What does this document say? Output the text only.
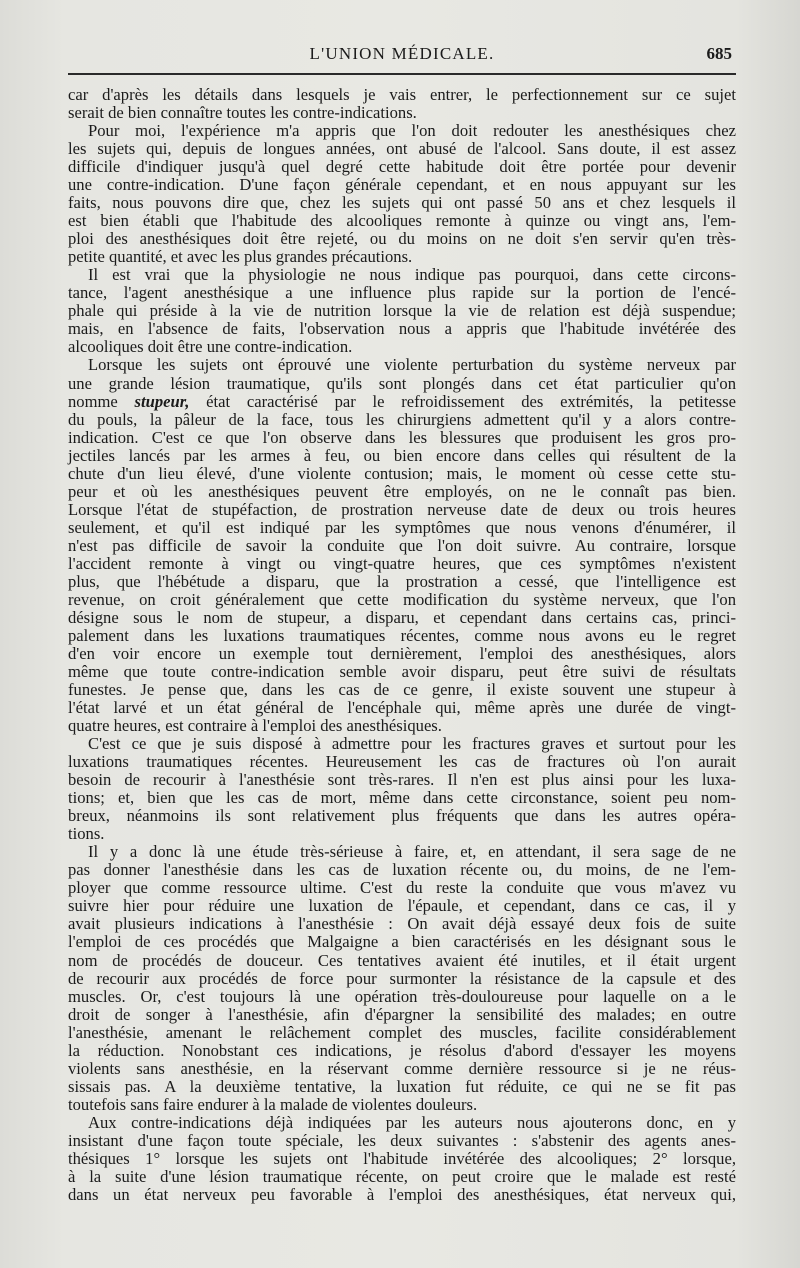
L'UNION MÉDICALE.	685
car d'après les détails dans lesquels je vais entrer, le perfectionnement sur ce sujet
serait de bien connaître toutes les contre-indications.
Pour moi, l'expérience m'a appris que l'on doit redouter les anesthésiques chez
les sujets qui, depuis de longues années, ont abusé de l'alcool. Sans doute, il est assez
difficile d'indiquer jusqu'à quel degré cette habitude doit être portée pour devenir
une contre-indication. D'une façon générale cependant, et en nous appuyant sur les
faits, nous pouvons dire que, chez les sujets qui ont passé 50 ans et chez lesquels il
est bien établi que l'habitude des alcooliques remonte à quinze ou vingt ans, l'em-
ploi des anesthésiques doit être rejeté, ou du moins on ne doit s'en servir qu'en très-
petite quantité, et avec les plus grandes précautions.
Il est vrai que la physiologie ne nous indique pas pourquoi, dans cette circons-
tance, l'agent anesthésique a une influence plus rapide sur la portion de l'encé-
phale qui préside à la vie de nutrition lorsque la vie de relation est déjà suspendue;
mais, en l'absence de faits, l'observation nous a appris que l'habitude invétérée des
alcooliques doit être une contre-indication.
Lorsque les sujets ont éprouvé une violente perturbation du système nerveux par
une grande lésion traumatique, qu'ils sont plongés dans cet état particulier qu'on
nomme stupeur, état caractérisé par le refroidissement des extrémités, la petitesse
du pouls, la pâleur de la face, tous les chirurgiens admettent qu'il y a alors contre-
indication. C'est ce que l'on observe dans les blessures que produisent les gros pro-
jectiles lancés par les armes à feu, ou bien encore dans celles qui résultent de la
chute d'un lieu élevé, d'une violente contusion; mais, le moment où cesse cette stu-
peur et où les anesthésiques peuvent être employés, on ne le connaît pas bien.
Lorsque l'état de stupéfaction, de prostration nerveuse date de deux ou trois heures
seulement, et qu'il est indiqué par les symptômes que nous venons d'énumérer, il
n'est pas difficile de savoir la conduite que l'on doit suivre. Au contraire, lorsque
l'accident remonte à vingt ou vingt-quatre heures, que ces symptômes n'existent
plus, que l'hébétude a disparu, que la prostration a cessé, que l'intelligence est
revenue, on croit généralement que cette modification du système nerveux, que l'on
désigne sous le nom de stupeur, a disparu, et cependant dans certains cas, princi-
palement dans les luxations traumatiques récentes, comme nous avons eu le regret
d'en voir encore un exemple tout dernièrement, l'emploi des anesthésiques, alors
même que toute contre-indication semble avoir disparu, peut être suivi de résultats
funestes. Je pense que, dans les cas de ce genre, il existe souvent une stupeur à
l'état larvé et un état général de l'encéphale qui, même après une durée de vingt-
quatre heures, est contraire à l'emploi des anesthésiques.
C'est ce que je suis disposé à admettre pour les fractures graves et surtout pour les
luxations traumatiques récentes. Heureusement les cas de fractures où l'on aurait
besoin de recourir à l'anesthésie sont très-rares. Il n'en est plus ainsi pour les luxa-
tions; et, bien que les cas de mort, même dans cette circonstance, soient peu nom-
breux, néanmoins ils sont relativement plus fréquents que dans les autres opéra-
tions.
Il y a donc là une étude très-sérieuse à faire, et, en attendant, il sera sage de ne
pas donner l'anesthésie dans les cas de luxation récente ou, du moins, de ne l'em-
ployer que comme ressource ultime. C'est du reste la conduite que vous m'avez vu
suivre hier pour réduire une luxation de l'épaule, et cependant, dans ce cas, il y
avait plusieurs indications à l'anesthésie : On avait déjà essayé deux fois de suite
l'emploi de ces procédés que Malgaigne a bien caractérisés en les désignant sous le
nom de procédés de douceur. Ces tentatives avaient été inutiles, et il était urgent
de recourir aux procédés de force pour surmonter la résistance de la capsule et des
muscles. Or, c'est toujours là une opération très-douloureuse pour laquelle on a le
droit de songer à l'anesthésie, afin d'épargner la sensibilité des malades; en outre
l'anesthésie, amenant le relâchement complet des muscles, facilite considérablement
la réduction. Nonobstant ces indications, je résolus d'abord d'essayer les moyens
violents sans anesthésie, en la réservant comme dernière ressource si je ne réus-
sissais pas. A la deuxième tentative, la luxation fut réduite, ce qui ne se fit pas
toutefois sans faire endurer à la malade de violentes douleurs.
Aux contre-indications déjà indiquées par les auteurs nous ajouterons donc, en y
insistant d'une façon toute spéciale, les deux suivantes : s'abstenir des agents anes-
thésiques 1° lorsque les sujets ont l'habitude invétérée des alcooliques; 2° lorsque,
à la suite d'une lésion traumatique récente, on peut croire que le malade est resté
dans un état nerveux peu favorable à l'emploi des anesthésiques, état nerveux qui,
